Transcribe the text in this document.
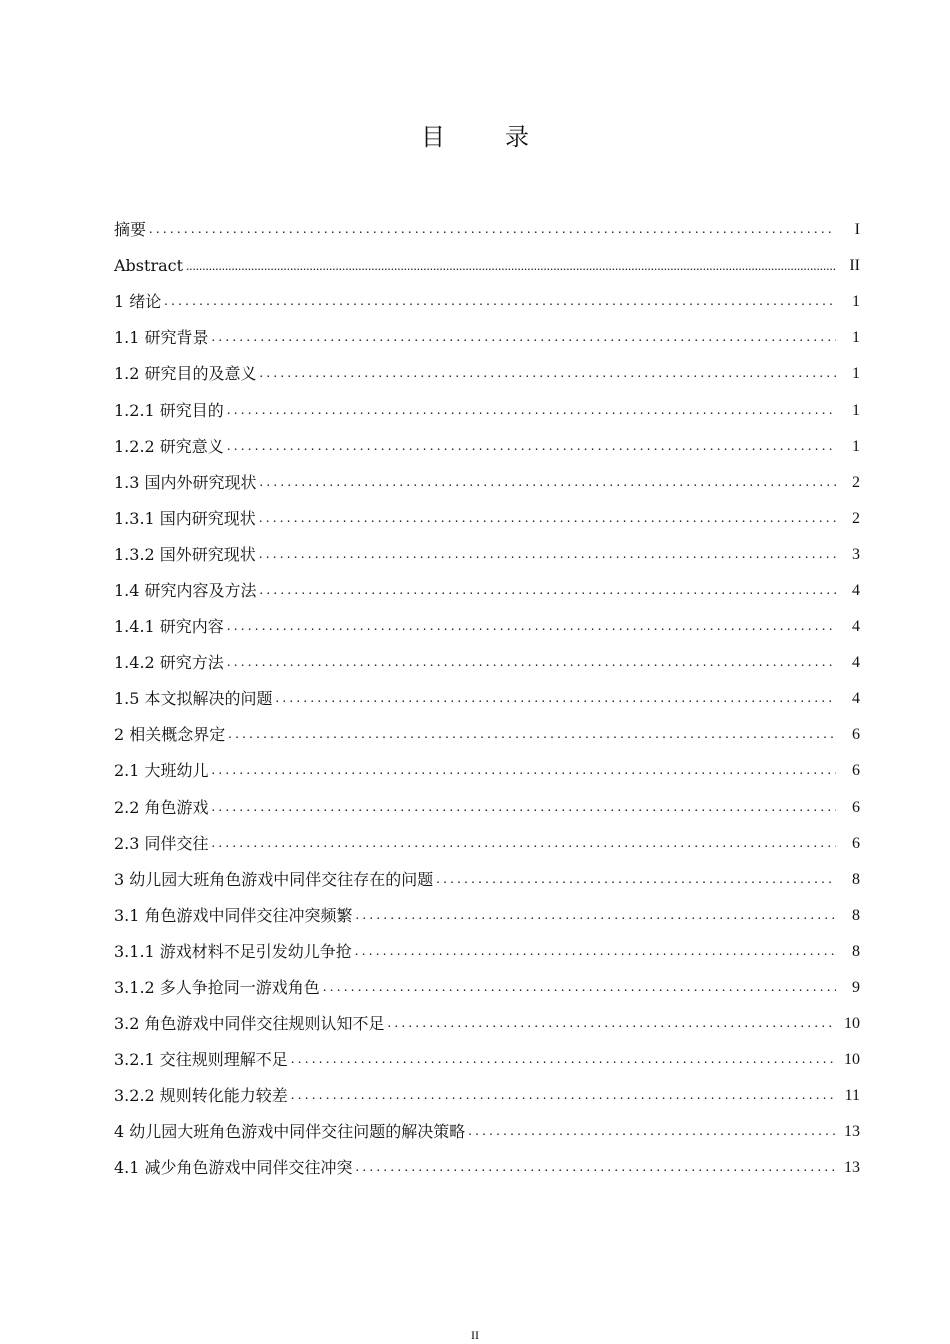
目　录
摘要 . . .	I
Abstract .....	II
1 绪论 . . .	1
1.1 研究背景 . . .	1
1.2 研究目的及意义 . . .	1
1.2.1 研究目的 . . .	1
1.2.2 研究意义 . . .	1
1.3 国内外研究现状 . . .	2
1.3.1 国内研究现状 . . .	2
1.3.2 国外研究现状 . . .	3
1.4 研究内容及方法 . . .	4
1.4.1 研究内容 . . .	4
1.4.2 研究方法 . . .	4
1.5 本文拟解决的问题 . . .	4
2 相关概念界定 . . .	6
2.1 大班幼儿 . . .	6
2.2 角色游戏 . . .	6
2.3 同伴交往 . . .	6
3 幼儿园大班角色游戏中同伴交往存在的问题 . . .	8
3.1 角色游戏中同伴交往冲突频繁 . . .	8
3.1.1 游戏材料不足引发幼儿争抢 . . .	8
3.1.2 多人争抢同一游戏角色 . . .	9
3.2 角色游戏中同伴交往规则认知不足 . . .	10
3.2.1 交往规则理解不足 . . .	10
3.2.2 规则转化能力较差 . . .	11
4 幼儿园大班角色游戏中同伴交往问题的解决策略 . . .	13
4.1 减少角色游戏中同伴交往冲突 . . .	13
II
